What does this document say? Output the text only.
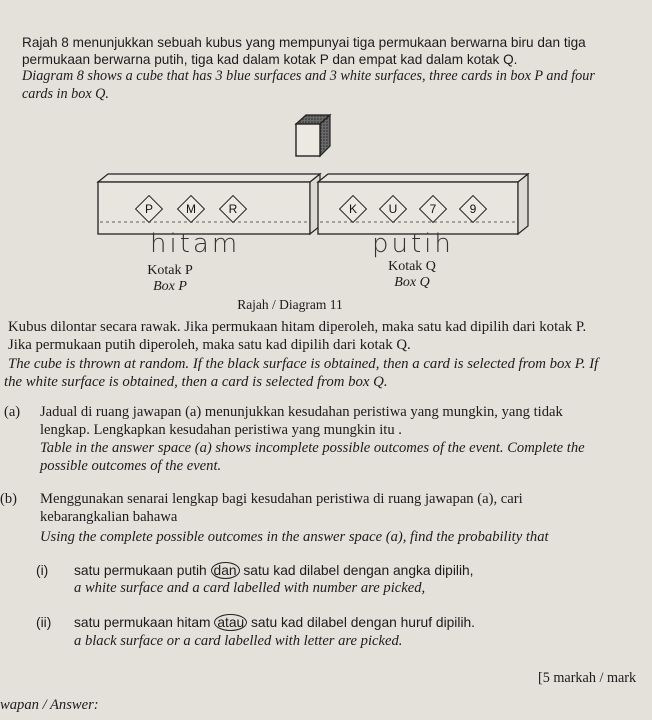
Rajah 8 menunjukkan sebuah kubus yang mempunyai tiga permukaan berwarna biru dan tiga

permukaan berwarna putih, tiga kad dalam kotak P dan empat kad dalam kotak Q.

Diagram 8 shows a cube that has 3 blue surfaces and 3 white surfaces, three cards in box P and four

cards in box Q.

P	M	R
hitam
Kotak P
Box P
K	U	7	9
putih
Kotak Q
Box Q
Rajah / Diagram 11

Kubus dilontar secara rawak. Jika permukaan hitam diperoleh, maka satu kad dipilih dari kotak P.

Jika permukaan putih diperoleh, maka satu kad dipilih dari kotak Q.

The cube is thrown at random. If the black surface is obtained, then a card is selected from box P. If

the white surface is obtained, then a card is selected from box Q.

(a) Jadual di ruang jawapan (a) menunjukkan kesudahan peristiwa yang mungkin, yang tidak

lengkap. Lengkapkan kesudahan peristiwa yang mungkin itu .

Table in the answer space (a) shows incomplete possible outcomes of the event. Complete the

possible outcomes of the event.

(b) Menggunakan senarai lengkap bagi kesudahan peristiwa di ruang jawapan (a), cari

kebarangkalian bahawa

Using the complete possible outcomes in the answer space (a), find the probability that

(i) satu permukaan putih dan satu kad dilabel dengan angka dipilih,

a white surface and a card labelled with number are picked,

(ii) satu permukaan hitam atau satu kad dilabel dengan huruf dipilih.

a black surface or a card labelled with letter are picked.

[5 markah / mark

wapan / Answer:
